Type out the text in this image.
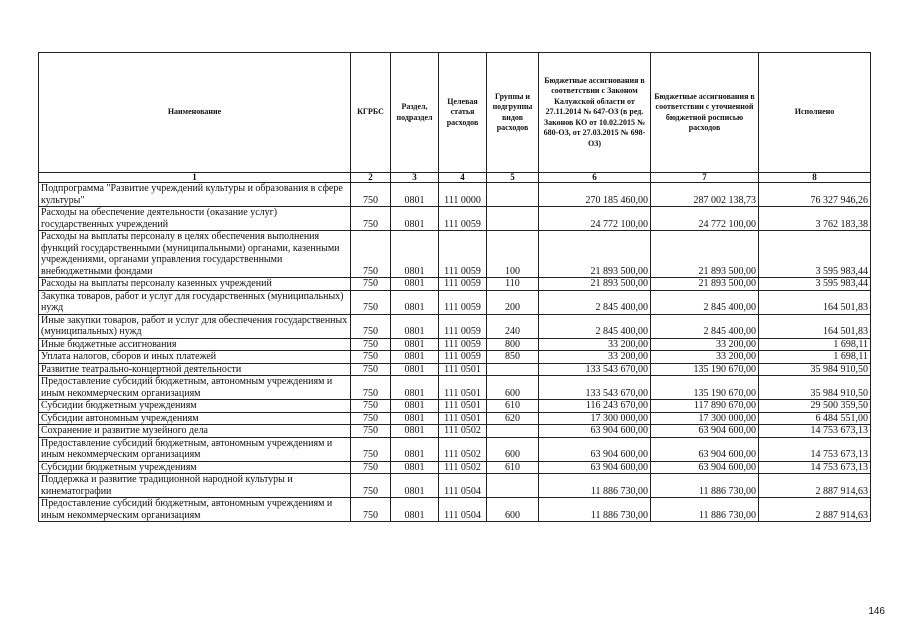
Наименование	КГРБС	Раздел, подраздел	Целевая статья расходов	Группы и подгруппы видов расходов	Бюджетные ассигнования в соответствии с Законом Калужской области от 27.11.2014 № 647-ОЗ (в ред. Законов КО от 10.02.2015 № 680-ОЗ, от 27.03.2015 № 698-ОЗ)	Бюджетные ассигнования в соответствии с уточненной бюджетной росписью расходов	Исполнено
1	2	3	4	5	6	7	8
Подпрограмма "Развитие учреждений культуры и образования в сфере культуры"	750	0801	111 0000		270 185 460,00	287 002 138,73	76 327 946,26
Расходы на обеспечение деятельности (оказание услуг) государственных учреждений	750	0801	111 0059		24 772 100,00	24 772 100,00	3 762 183,38
Расходы на выплаты персоналу в целях обеспечения выполнения функций государственными (муниципальными) органами, казенными учреждениями, органами управления государственными внебюджетными фондами	750	0801	111 0059	100	21 893 500,00	21 893 500,00	3 595 983,44
Расходы на выплаты персоналу казенных учреждений	750	0801	111 0059	110	21 893 500,00	21 893 500,00	3 595 983,44
Закупка товаров, работ и услуг для государственных (муниципальных) нужд	750	0801	111 0059	200	2 845 400,00	2 845 400,00	164 501,83
Иные закупки товаров, работ и услуг для обеспечения государственных (муниципальных) нужд	750	0801	111 0059	240	2 845 400,00	2 845 400,00	164 501,83
Иные бюджетные ассигнования	750	0801	111 0059	800	33 200,00	33 200,00	1 698,11
Уплата налогов, сборов и иных платежей	750	0801	111 0059	850	33 200,00	33 200,00	1 698,11
Развитие театрально-концертной деятельности	750	0801	111 0501		133 543 670,00	135 190 670,00	35 984 910,50
Предоставление субсидий бюджетным, автономным учреждениям и иным некоммерческим организациям	750	0801	111 0501	600	133 543 670,00	135 190 670,00	35 984 910,50
Субсидии бюджетным учреждениям	750	0801	111 0501	610	116 243 670,00	117 890 670,00	29 500 359,50
Субсидии автономным учреждениям	750	0801	111 0501	620	17 300 000,00	17 300 000,00	6 484 551,00
Сохранение и развитие музейного дела	750	0801	111 0502		63 904 600,00	63 904 600,00	14 753 673,13
Предоставление субсидий бюджетным, автономным учреждениям и иным некоммерческим организациям	750	0801	111 0502	600	63 904 600,00	63 904 600,00	14 753 673,13
Субсидии бюджетным учреждениям	750	0801	111 0502	610	63 904 600,00	63 904 600,00	14 753 673,13
Поддержка и развитие традиционной народной культуры и кинематографии	750	0801	111 0504		11 886 730,00	11 886 730,00	2 887 914,63
Предоставление субсидий бюджетным, автономным учреждениям и иным некоммерческим организациям	750	0801	111 0504	600	11 886 730,00	11 886 730,00	2 887 914,63
146
